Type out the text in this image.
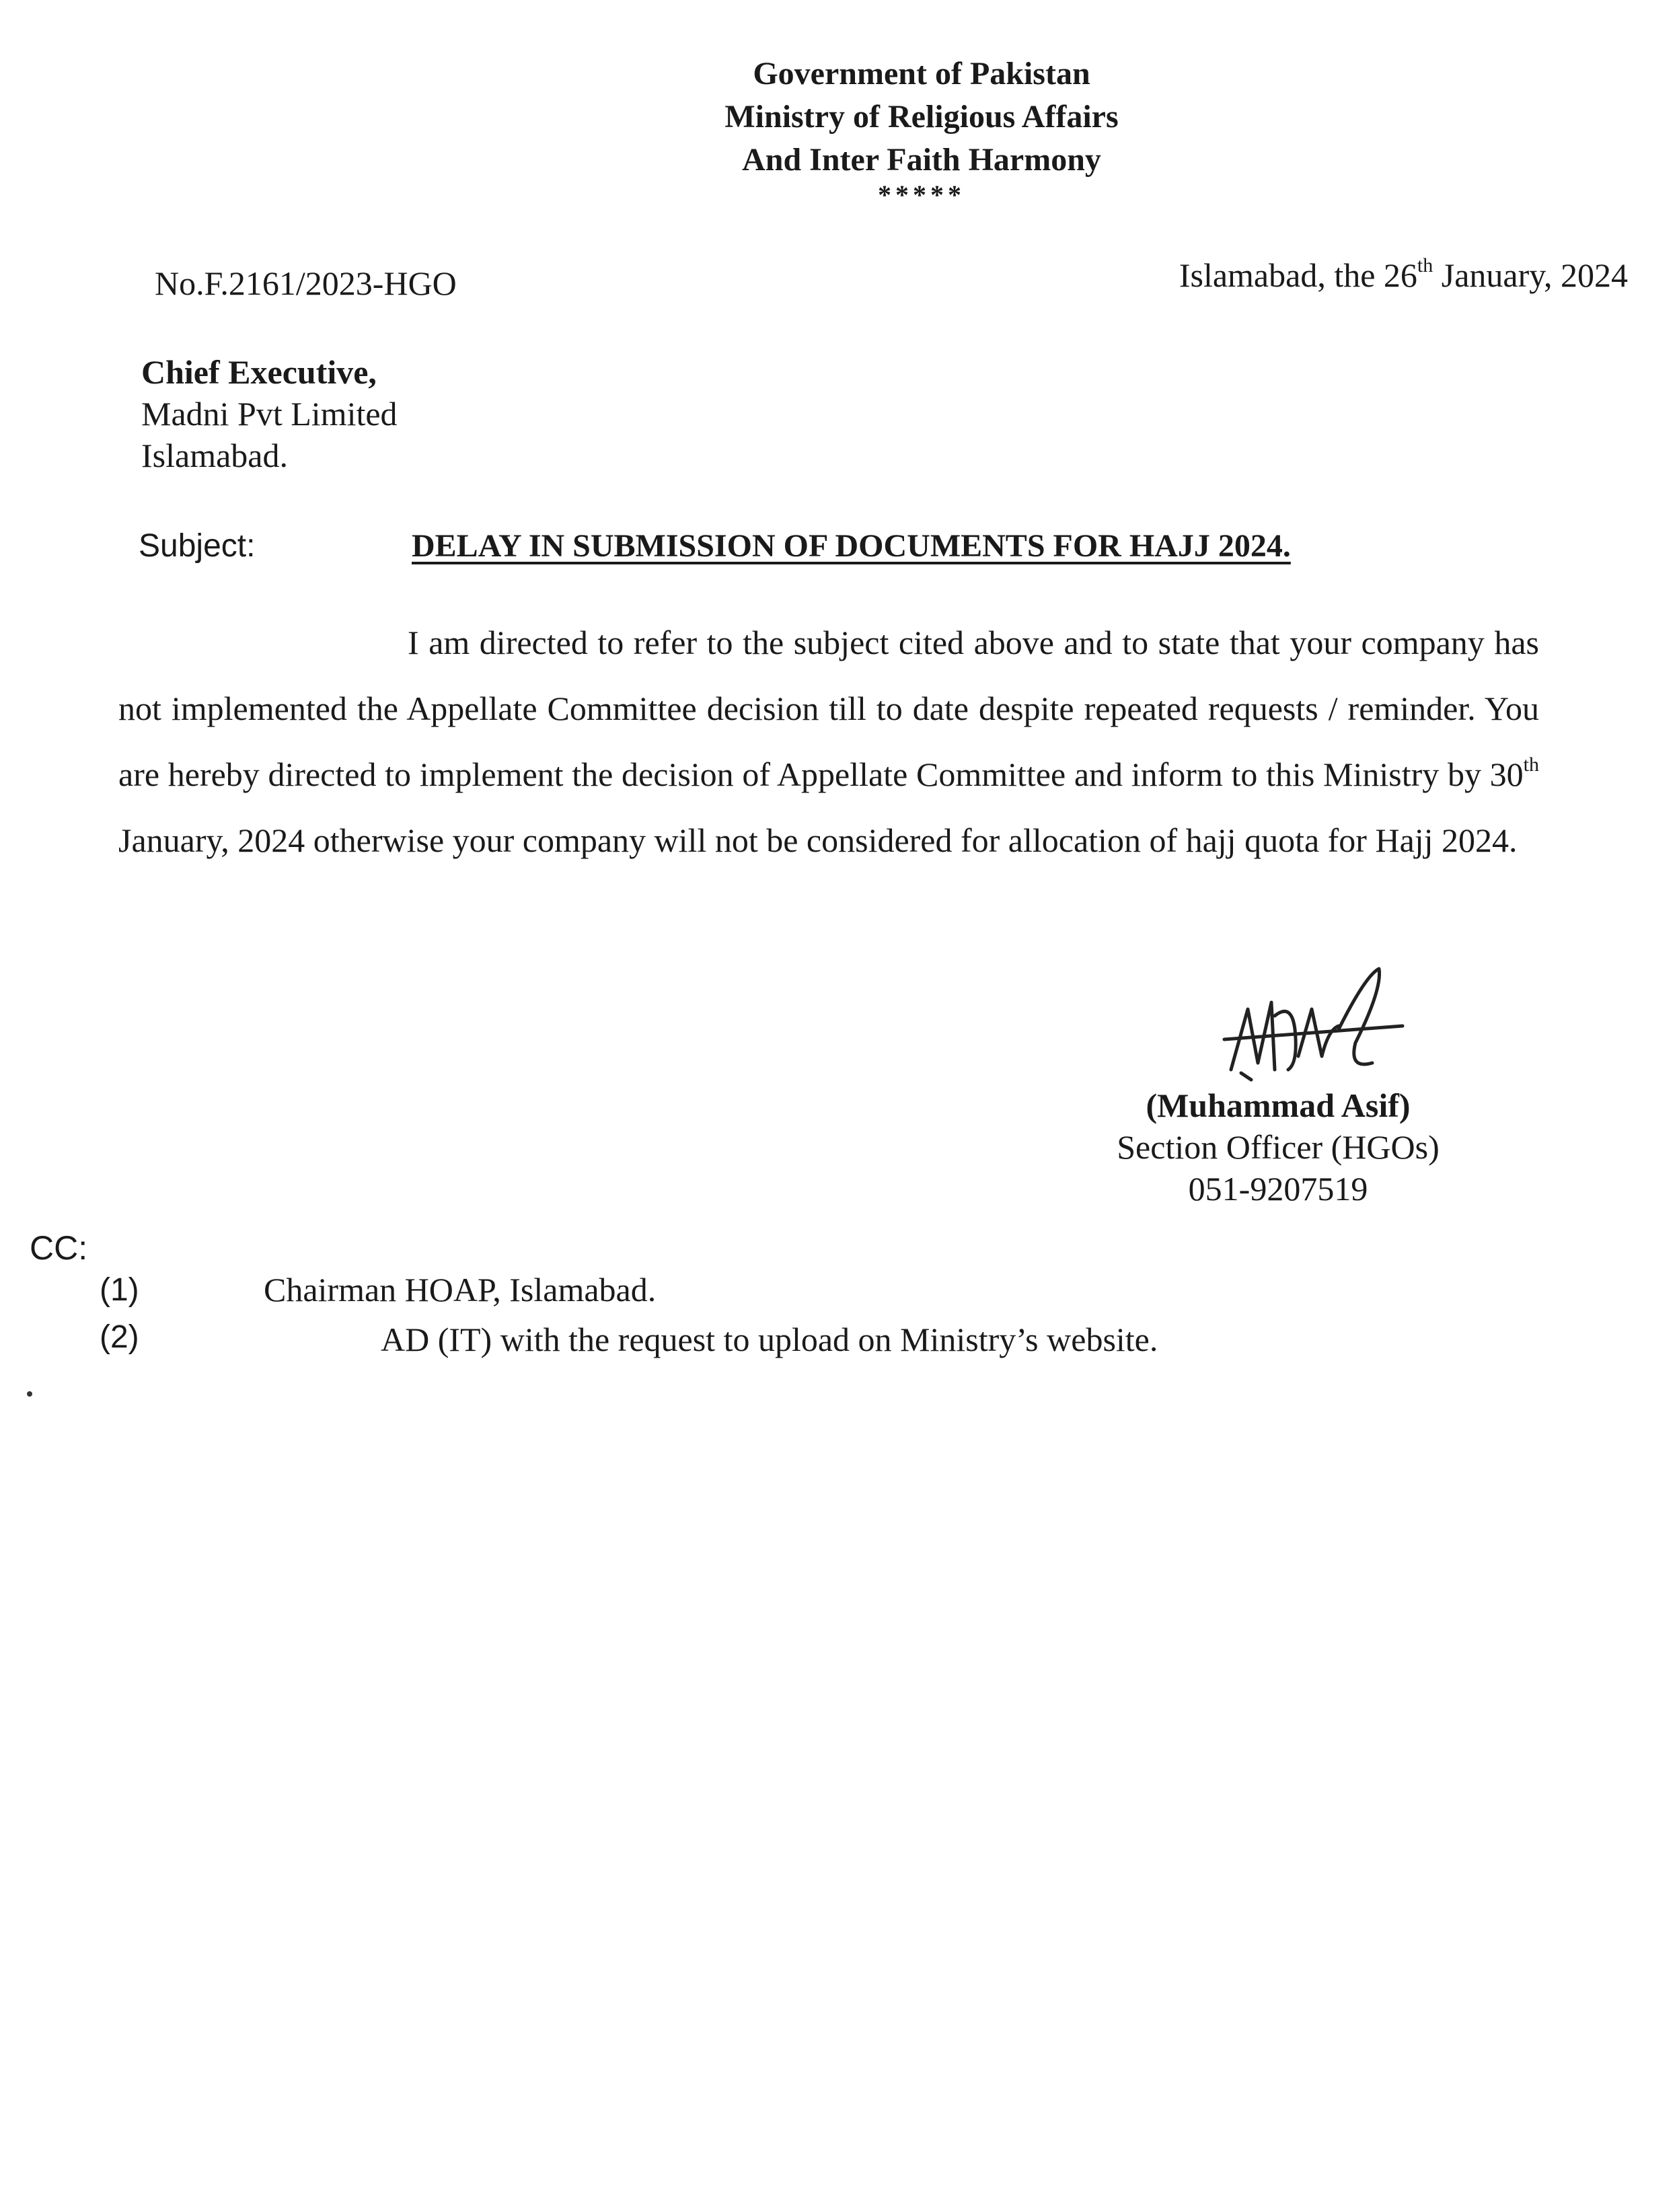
Government of Pakistan
Ministry of Religious Affairs
And Inter Faith Harmony
*****
No.F.2161/2023-HGO	Islamabad, the 26th January, 2024
Chief Executive,
Madni Pvt Limited
Islamabad.
Subject:	DELAY IN SUBMISSION OF DOCUMENTS FOR HAJJ 2024.
I am directed to refer to the subject cited above and to state that your company has not implemented the Appellate Committee decision till to date despite repeated requests / reminder. You are hereby directed to implement the decision of Appellate Committee and inform to this Ministry by 30th January, 2024 otherwise your company will not be considered for allocation of hajj quota for Hajj 2024.
(Muhammad Asif)
Section Officer (HGOs)
051-9207519
CC:
(1)	Chairman HOAP, Islamabad.
(2)	AD (IT) with the request to upload on Ministry’s website.
